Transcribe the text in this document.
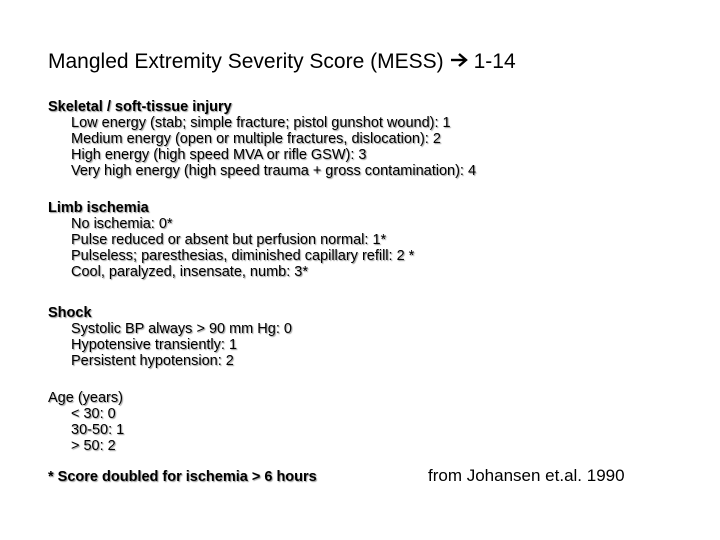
Mangled Extremity Severity Score (MESS) 1-14
Skeletal / soft-tissue injury
Low energy (stab; simple fracture; pistol gunshot wound): 1
Medium energy (open or multiple fractures, dislocation): 2
High energy (high speed MVA or rifle GSW): 3
Very high energy (high speed trauma + gross contamination): 4
Limb ischemia
No ischemia: 0*
Pulse reduced or absent but perfusion normal: 1*
Pulseless; paresthesias, diminished capillary refill: 2 *
Cool, paralyzed, insensate, numb: 3*
Shock
Systolic BP always > 90 mm Hg: 0
Hypotensive transiently: 1
Persistent hypotension: 2
Age (years)
< 30: 0
30-50: 1
> 50: 2
* Score doubled for ischemia > 6 hours	from Johansen et.al. 1990
